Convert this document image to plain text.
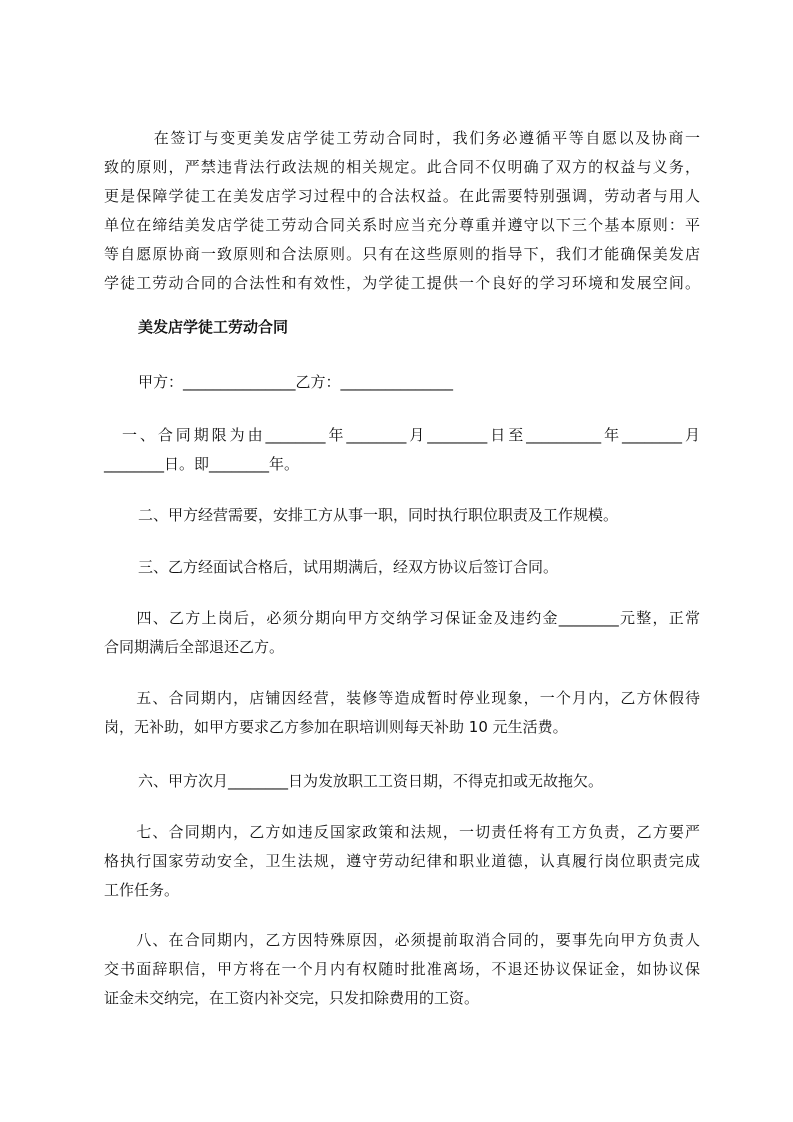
　　　在签订与变更美发店学徒工劳动合同时，我们务必遵循平等自愿以及协商一
致的原则，严禁违背法行政法规的相关规定。此合同不仅明确了双方的权益与义务，
更是保障学徒工在美发店学习过程中的合法权益。在此需要特别强调，劳动者与用人
单位在缔结美发店学徒工劳动合同关系时应当充分尊重并遵守以下三个基本原则：平
等自愿原协商一致原则和合法原则。只有在这些原则的指导下，我们才能确保美发店
学徒工劳动合同的合法性和有效性，为学徒工提供一个良好的学习环境和发展空间。
美发店学徒工劳动合同

甲方：_______________乙方：_______________

　一、合同期限为由________年________月________日至__________年________月
________日。即________年。

二、甲方经营需要，安排工方从事一职，同时执行职位职责及工作规模。

三、乙方经面试合格后，试用期满后，经双方协议后签订合同。

　　四、乙方上岗后，必须分期向甲方交纳学习保证金及违约金________元整，正常
合同期满后全部退还乙方。
　　五、合同期内，店铺因经营，装修等造成暂时停业现象，一个月内，乙方休假待
岗，无补助，如甲方要求乙方参加在职培训则每天补助 10 元生活费。

六、甲方次月________日为发放职工工资日期，不得克扣或无故拖欠。

　　七、合同期内，乙方如违反国家政策和法规，一切责任将有工方负责，乙方要严
格执行国家劳动安全，卫生法规，遵守劳动纪律和职业道德，认真履行岗位职责完成
工作任务。
　　八、在合同期内，乙方因特殊原因，必须提前取消合同的，要事先向甲方负责人
交书面辞职信，甲方将在一个月内有权随时批准离场，不退还协议保证金，如协议保
证金未交纳完，在工资内补交完，只发扣除费用的工资。
